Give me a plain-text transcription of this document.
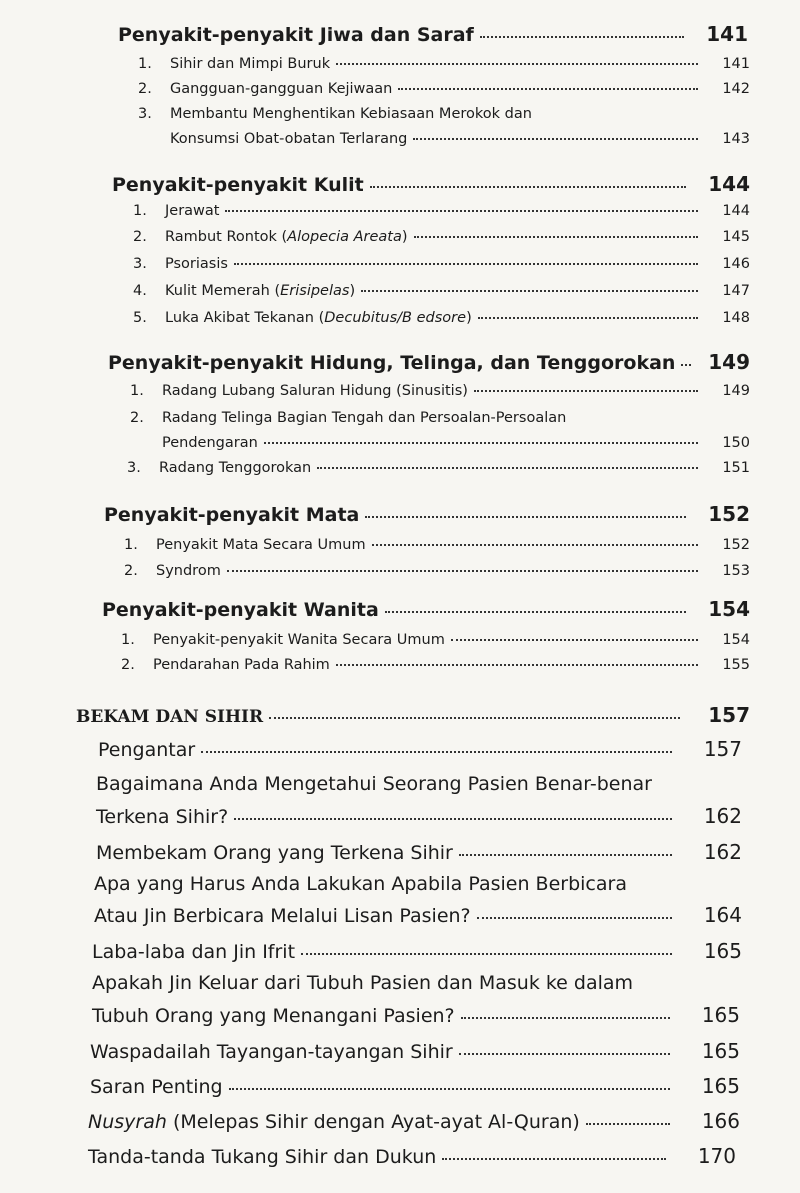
Penyakit-penyakit Jiwa dan Saraf	141
1.	Sihir dan Mimpi Buruk	141
2.	Gangguan-gangguan Kejiwaan	142
3. Membantu Menghentikan Kebiasaan Merokok dan
Konsumsi Obat-obatan Terlarang	143
Penyakit-penyakit Kulit	144
1.	Jerawat	144
2.	Rambut Rontok (Alopecia Areata)	145
3.	Psoriasis	146
4.	Kulit Memerah (Erisipelas)	147
5.	Luka Akibat Tekanan (Decubitus/B edsore)	148
Penyakit-penyakit Hidung, Telinga, dan Tenggorokan	149
1.	Radang Lubang Saluran Hidung (Sinusitis)	149
2. Radang Telinga Bagian Tengah dan Persoalan-Persoalan
Pendengaran	150
3.	Radang Tenggorokan	151
Penyakit-penyakit Mata	152
1.	Penyakit Mata Secara Umum	152
2.	Syndrom	153
Penyakit-penyakit Wanita	154
1.	Penyakit-penyakit Wanita Secara Umum	154
2.	Pendarahan Pada Rahim	155
BEKAM DAN SIHIR	157
Pengantar	157
Bagaimana Anda Mengetahui Seorang Pasien Benar-benar
Terkena Sihir?	162
Membekam Orang yang Terkena Sihir	162
Apa yang Harus Anda Lakukan Apabila Pasien Berbicara
Atau Jin Berbicara Melalui Lisan Pasien?	164
Laba-laba dan Jin Ifrit	165
Apakah Jin Keluar dari Tubuh Pasien dan Masuk ke dalam
Tubuh Orang yang Menangani Pasien?	165
Waspadailah Tayangan-tayangan Sihir	165
Saran Penting	165
Nusyrah (Melepas Sihir dengan Ayat-ayat Al-Quran)	166
Tanda-tanda Tukang Sihir dan Dukun	170
